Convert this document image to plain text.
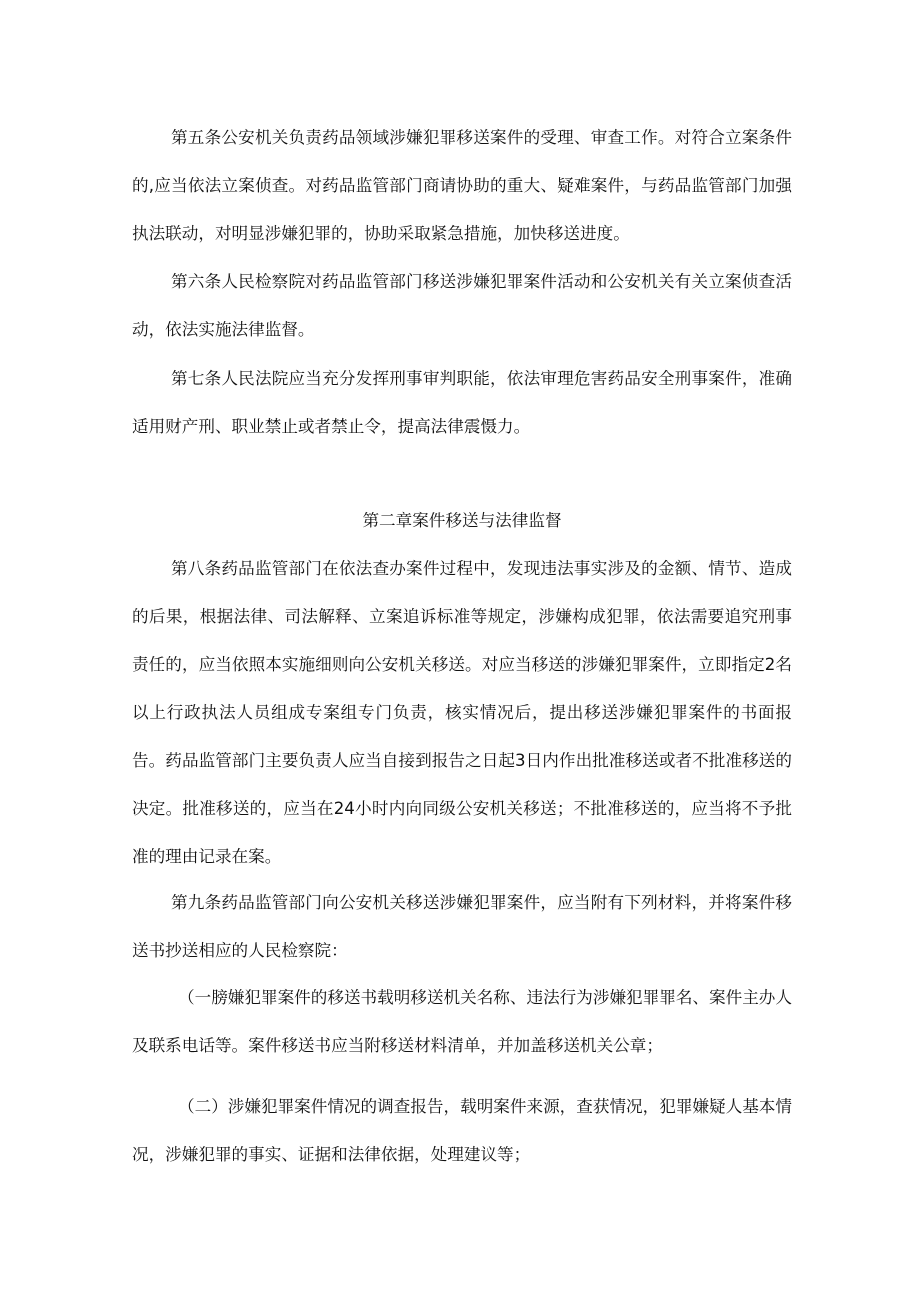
第五条公安机关负责药品领域涉嫌犯罪移送案件的受理、审查工作。对符合立案条件的,应当依法立案侦查。对药品监管部门商请协助的重大、疑难案件，与药品监管部门加强执法联动，对明显涉嫌犯罪的，协助采取紧急措施，加快移送进度。

第六条人民检察院对药品监管部门移送涉嫌犯罪案件活动和公安机关有关立案侦查活动，依法实施法律监督。

第七条人民法院应当充分发挥刑事审判职能，依法审理危害药品安全刑事案件，准确适用财产刑、职业禁止或者禁止令，提高法律震慑力。

第二章案件移送与法律监督

第八条药品监管部门在依法查办案件过程中，发现违法事实涉及的金额、情节、造成的后果，根据法律、司法解释、立案追诉标准等规定，涉嫌构成犯罪，依法需要追究刑事责任的，应当依照本实施细则向公安机关移送。对应当移送的涉嫌犯罪案件，立即指定2名以上行政执法人员组成专案组专门负责，核实情况后，提出移送涉嫌犯罪案件的书面报告。药品监管部门主要负责人应当自接到报告之日起3日内作出批准移送或者不批准移送的决定。批准移送的，应当在24小时内向同级公安机关移送；不批准移送的，应当将不予批准的理由记录在案。

第九条药品监管部门向公安机关移送涉嫌犯罪案件，应当附有下列材料，并将案件移送书抄送相应的人民检察院：

（一膀嫌犯罪案件的移送书载明移送机关名称、违法行为涉嫌犯罪罪名、案件主办人及联系电话等。案件移送书应当附移送材料清单，并加盖移送机关公章；

（二）涉嫌犯罪案件情况的调查报告，载明案件来源，查获情况，犯罪嫌疑人基本情况，涉嫌犯罪的事实、证据和法律依据，处理建议等；
